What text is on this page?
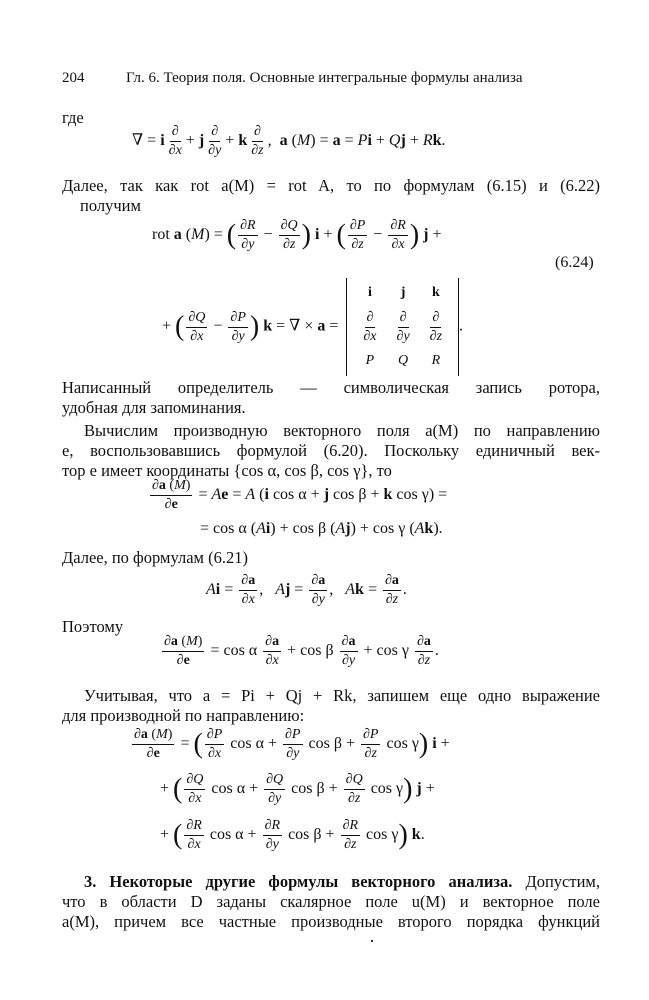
204	Гл. 6. Теория поля. Основные интегральные формулы анализа
где
∇ = i $\frac{\partial}{\partial x} + j \frac{\partial}{\partial y} + k \frac{\partial}{\partial z}$ ,  a (M) = a = Pi + Qj + Rk.
Далее, так как rot a(M) = rot A, то по формулам (6.15) и (6.22)
получим
rot a (M) = ( $\frac{\partial R}{\partial y} - \frac{\partial Q}{\partial z}$ ) i + ( $\frac{\partial P}{\partial z} - \frac{\partial R}{\partial x}$ ) j +
(6.24)
+ ( $\frac{\partial Q}{\partial x} - \frac{\partial P}{\partial y}$ ) k = ∇ × a =
i
$\frac{\partial}{\partial x}$
P
j
$\frac{\partial}{\partial y}$
Q
k
$\frac{\partial}{\partial z}$
R
.
Написанный определитель — символическая запись ротора,
удобная для запоминания.
Вычислим производную векторного поля a(M) по направлению
e, воспользовавшись формулой (6.20). Поскольку единичный век-
тор e имеет координаты {cos α, cos β, cos γ}, то
$\frac{\partial a (M)}{\partial e} = Ae = A$ (i cos α + j cos β + k cos γ) =
= cos α (Ai) + cos β (Aj) + cos γ (Ak).
Далее, по формулам (6.21)
$Ai = \frac{\partial a}{\partial x}$ ,   $Aj = \frac{\partial a}{\partial y}$ ,   $Ak = \frac{\partial a}{\partial z}$ .
Поэтому
$\frac{\partial a (M)}{\partial e} = \cos \alpha \frac{\partial a}{\partial x} + \cos \beta \frac{\partial a}{\partial y} + \cos \gamma \frac{\partial a}{\partial z}$ .
Учитывая, что a = Pi + Qj + Rk, запишем еще одно выражение
для производной по направлению:
$\frac{\partial a (M)}{\partial e}$ = ( $\frac{\partial P}{\partial x}$ $\cos \alpha + \frac{\partial P}{\partial y}$ $\cos \beta + \frac{\partial P}{\partial z}$ cos γ) i +
+ ( $\frac{\partial Q}{\partial x}$ $\cos \alpha + \frac{\partial Q}{\partial y}$ $\cos \beta + \frac{\partial Q}{\partial z}$ cos γ) j +
+ ( $\frac{\partial R}{\partial x}$ $\cos \alpha + \frac{\partial R}{\partial y}$ $\cos \beta + \frac{\partial R}{\partial z}$ cos γ) k.
3. Некоторые другие формулы векторного анализа. Допустим,
что в области D заданы скалярное поле u(M) и векторное поле
a(M), причем все частные производные второго порядка функций
